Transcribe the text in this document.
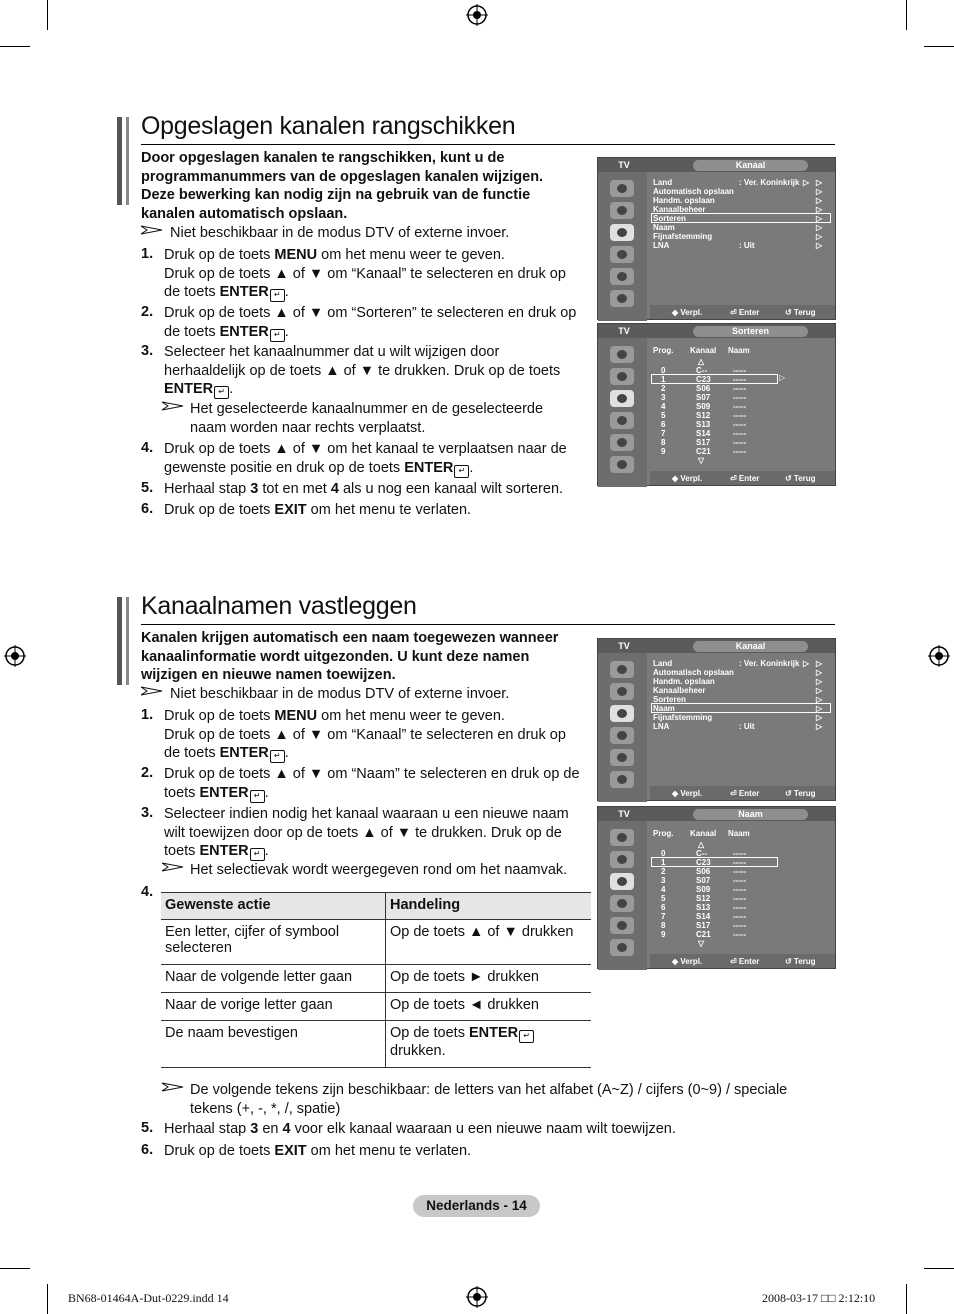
Opgeslagen kanalen rangschikken
Door opgeslagen kanalen te rangschikken, kunt u de
programmanummers van de opgeslagen kanalen wijzigen.
Deze bewerking kan nodig zijn na gebruik van de functie
kanalen automatisch opslaan.
Niet beschikbaar in de modus DTV of externe invoer.
1. Druk op de toets MENU om het menu weer te geven.
Druk op de toets ▲ of ▼ om “Kanaal” te selecteren en druk op
de toets ENTER ↵ .
2. Druk op de toets ▲ of ▼ om “Sorteren” te selecteren en druk op
de toets ENTER ↵ .
3. Selecteer het kanaalnummer dat u wilt wijzigen door
herhaaldelijk op de toets ▲ of ▼ te drukken. Druk op de toets
ENTER ↵ .
4. Druk op de toets ▲ of ▼ om het kanaal te verplaatsen naar de
gewenste positie en druk op de toets ENTER ↵ .
5. Herhaal stap 3 tot en met 4 als u nog een kanaal wilt sorteren.
6. Druk op de toets EXIT om het menu te verlaten.
Het geselecteerde kanaalnummer en de geselecteerde
naam worden naar rechts verplaatst.
TV	Kanaal
Land	: Ver. Koninkrijk ▷
▷
Automatisch opslaan	▷
Handm. opslaan	▷
Kanaalbeheer	▷
Sorteren	▷
Naam	▷
Fijnafstemming	▷
LNA	: Uit	▷
◆ Verpl.	⏎ Enter	↺ Terug
TV	Sorteren
Prog. Kanaal Naam
△
0	C--	-----
1	C23	-----
2	S06	-----
3	S07	-----
4	S09	-----
5	S12	-----
6	S13	-----
7	S14	-----
8	S17	-----
9	C21	-----
▽
▷
◆ Verpl.	⏎ Enter	↺ Terug
Kanaalnamen vastleggen
Kanalen krijgen automatisch een naam toegewezen wanneer
kanaalinformatie wordt uitgezonden. U kunt deze namen
wijzigen en nieuwe namen toewijzen.
Niet beschikbaar in de modus DTV of externe invoer.
1. Druk op de toets MENU om het menu weer te geven.
Druk op de toets ▲ of ▼ om “Kanaal” te selecteren en druk op
de toets ENTER ↵ .
2. Druk op de toets ▲ of ▼ om “Naam” te selecteren en druk op de
toets ENTER ↵ .
3. Selecteer indien nodig het kanaal waaraan u een nieuwe naam
wilt toewijzen door op de toets ▲ of ▼ te drukken. Druk op de
toets ENTER ↵ .
Het selectievak wordt weergegeven rond om het naamvak.
4.
Gewenste actie	Handeling
Een letter, cijfer of symbool selecteren	Op de toets ▲ of ▼ drukken
Naar de volgende letter gaan	Op de toets ► drukken
Naar de vorige letter gaan	Op de toets ◄ drukken
De naam bevestigen	Op de toets ENTER ↵ drukken.
De volgende tekens zijn beschikbaar: de letters van het alfabet (A~Z) / cijfers (0~9) / speciale
tekens (+, -, *, /, spatie)
5. Herhaal stap 3 en 4 voor elk kanaal waaraan u een nieuwe naam wilt toewijzen.
6. Druk op de toets EXIT om het menu te verlaten.
TV	Kanaal
Land	: Ver. Koninkrijk ▷
▷
Automatisch opslaan	▷
Handm. opslaan	▷
Kanaalbeheer	▷
Sorteren	▷
Naam	▷
Fijnafstemming	▷
LNA	: Uit	▷
◆ Verpl.	⏎ Enter	↺ Terug
TV	Naam
Prog. Kanaal Naam
△
0	C--	-----
1	C23	-----
2	S06	-----
3	S07	-----
4	S09	-----
5	S12	-----
6	S13	-----
7	S14	-----
8	S17	-----
9	C21	-----
▽
◆ Verpl.	⏎ Enter	↺ Terug
Nederlands - 14
BN68-01464A-Dut-0229.indd 14	2008-03-17 □□ 2:12:10
